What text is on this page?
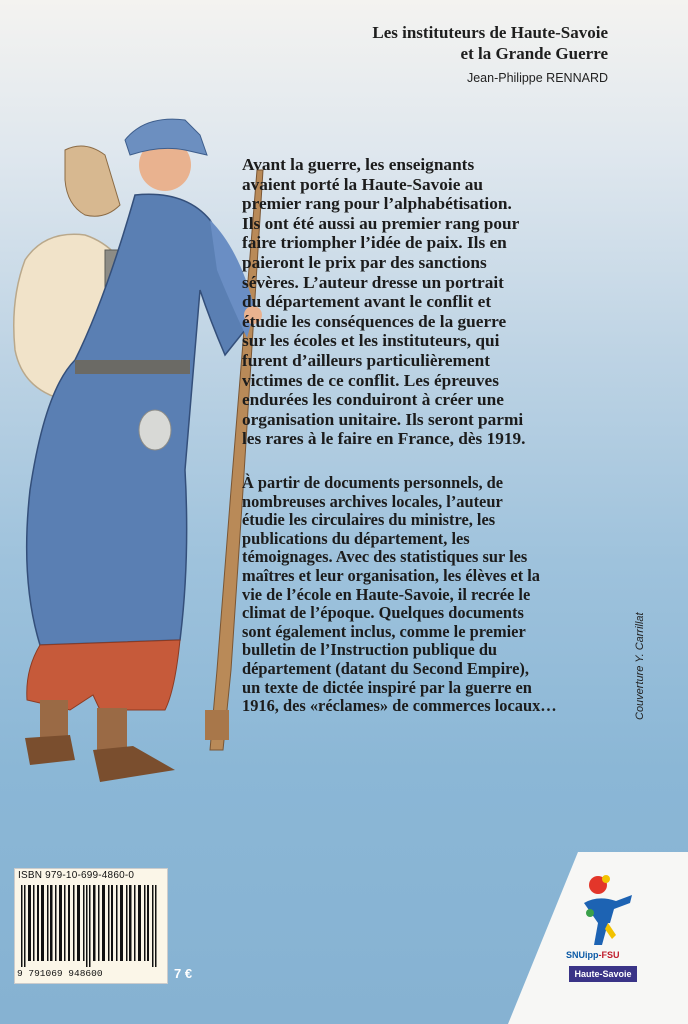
Les instituteurs de Haute-Savoie
et la Grande Guerre
Jean-Philippe RENNARD
Avant la guerre, les enseignants
avaient porté la Haute-Savoie au
premier rang pour l’alphabétisation.
Ils ont été aussi au premier rang pour
faire triompher l’idée de paix. Ils en
paieront le prix par des sanctions
sévères. L’auteur dresse un portrait
du département avant le conflit et
étudie les conséquences de la guerre
sur les écoles et les instituteurs, qui
furent d’ailleurs particulièrement
victimes de ce conflit. Les épreuves
endurées les conduiront à créer une
organisation unitaire. Ils seront parmi
les rares à le faire en France, dès 1919.
À partir de documents personnels, de
nombreuses archives locales, l’auteur
étudie les circulaires du ministre, les
publications du département, les
témoignages. Avec des statistiques sur les
maîtres et leur organisation, les élèves et la
vie de l’école en Haute-Savoie, il recrée le
climat de l’époque. Quelques documents
sont également inclus, comme le premier
bulletin de l’Instruction publique du
département (datant du Second Empire),
un texte de dictée inspiré par la guerre en
1916, des «réclames» de commerces locaux…	Couverture Y. Carrillat
ISBN 979-10-699-4860-0
9 791069 948600	7 €
SNUipp-FSU
Haute-Savoie
